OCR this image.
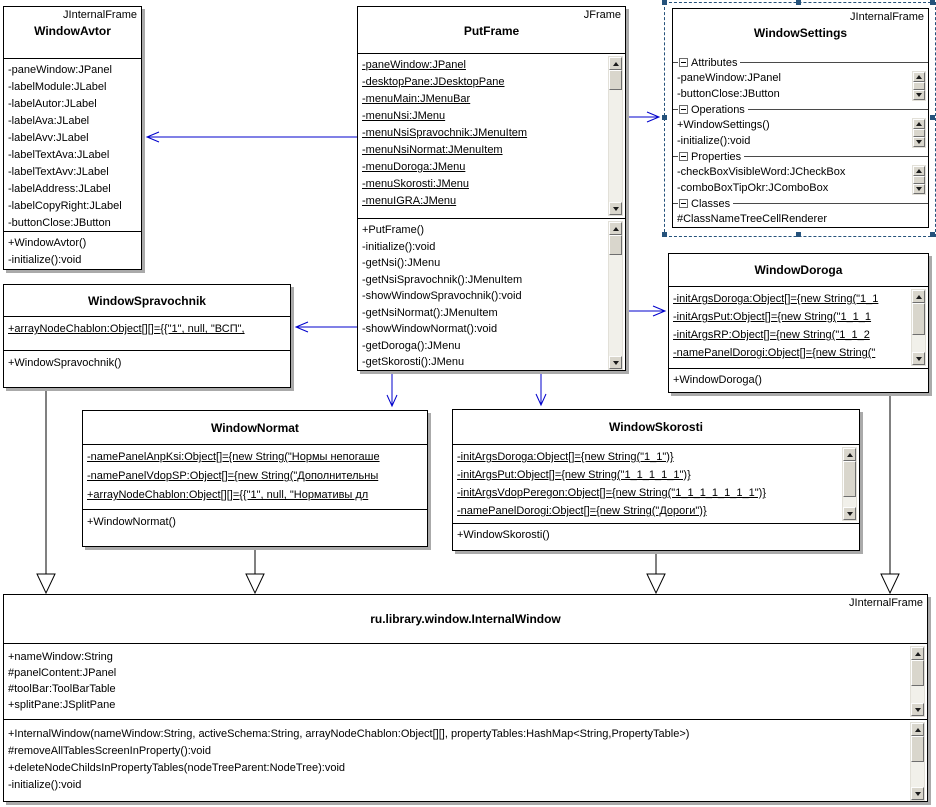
JInternalFrame
WindowAvtor
-paneWindow:JPanel
-labelModule:JLabel
-labelAutor:JLabel
-labelAva:JLabel
-labelAvv:JLabel
-labelTextAva:JLabel
-labelTextAvv:JLabel
-labelAddress:JLabel
-labelCopyRight:JLabel
-buttonClose:JButton
+WindowAvtor()
-initialize():void
JFrame
PutFrame
-paneWindow:JPanel
-desktopPane:JDesktopPane
-menuMain:JMenuBar
-menuNsi:JMenu
-menuNsiSpravochnik:JMenuItem
-menuNsiNormat:JMenuItem
-menuDoroga:JMenu
-menuSkorosti:JMenu
-menuIGRA:JMenu
+PutFrame()
-initialize():void
-getNsi():JMenu
-getNsiSpravochnik():JMenuItem
-showWindowSpravochnik():void
-getNsiNormat():JMenuItem
-showWindowNormat():void
-getDoroga():JMenu
-getSkorosti():JMenu
JInternalFrame
WindowSettings
Attributes
-paneWindow:JPanel
-buttonClose:JButton
Operations
+WindowSettings()
-initialize():void
Properties
-checkBoxVisibleWord:JCheckBox
-comboBoxTipOkr:JComboBox
Classes
#ClassNameTreeCellRenderer
WindowSpravochnik
+arrayNodeChablon:Object[][]={{"1", null, "ВСП",
+WindowSpravochnik()
WindowDoroga
-initArgsDoroga:Object[]={new String("1_1
-initArgsPut:Object[]={new String("1_1_1
-initArgsRP:Object[]={new String("1_1_2
-namePanelDorogi:Object[]={new String("
+WindowDoroga()
WindowNormat
-namePanelAnpKsi:Object[]={new String("Нормы непогаше
-namePanelVdopSP:Object[]={new String("Дополнительны
+arrayNodeChablon:Object[][]={{"1", null, "Нормативы дл
+WindowNormat()
WindowSkorosti
-initArgsDoroga:Object[]={new String("1_1")}
-initArgsPut:Object[]={new String("1_1_1_1_1")}
-initArgsVdopPeregon:Object[]={new String("1_1_1_1_1_1_1")}
-namePanelDorogi:Object[]={new String("Дороги")}
+WindowSkorosti()
JInternalFrame
ru.library.window.InternalWindow
+nameWindow:String
#panelContent:JPanel
#toolBar:ToolBarTable
+splitPane:JSplitPane
+InternalWindow(nameWindow:String, activeSchema:String, arrayNodeChablon:Object[][], propertyTables:HashMap<String,PropertyTable>)
#removeAllTablesScreenInProperty():void
+deleteNodeChildsInPropertyTables(nodeTreeParent:NodeTree):void
-initialize():void
